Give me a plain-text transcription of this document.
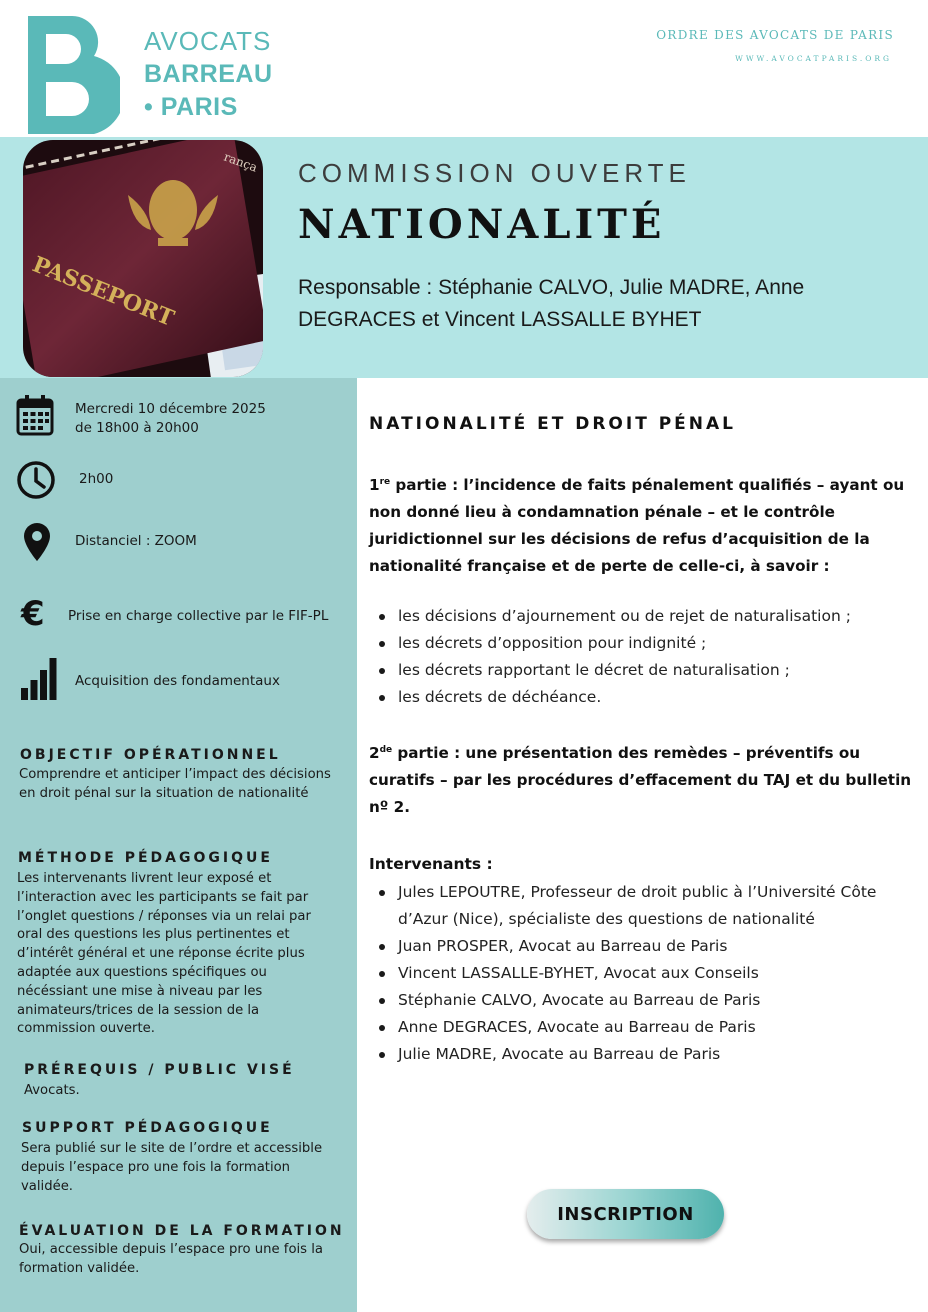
AVOCATS
BARREAU
• PARIS
ORDRE DES AVOCATS DE PARIS
WWW.AVOCATPARIS.ORG
PASSEPORT
rança COMMISSION OUVERTE
NATIONALITÉ
Responsable : Stéphanie CALVO, Julie MADRE, Anne DEGRACES et Vincent LASSALLE BYHET
Mercredi 10 décembre 2025
de 18h00 à 20h00
2h00
Distanciel : ZOOM
€ Prise en charge collective par le FIF-PL
Acquisition des fondamentaux
OBJECTIF OPÉRATIONNEL
Comprendre et anticiper l’impact des décisions en droit pénal sur la situation de nationalité
MÉTHODE PÉDAGOGIQUE
Les intervenants livrent leur exposé et l’interaction avec les participants se fait par l’onglet questions / réponses via un relai par oral des questions les plus pertinentes et d’intérêt général et une réponse écrite plus adaptée aux questions spécifiques ou nécéssiant une mise à niveau par les animateurs/trices de la session de la commission ouverte.
PRÉREQUIS / PUBLIC VISÉ
Avocats.
SUPPORT PÉDAGOGIQUE
Sera publié sur le site de l’ordre et accessible depuis l’espace pro une fois la formation validée.
ÉVALUATION DE LA FORMATION
Oui, accessible depuis l’espace pro une fois la formation validée.
NATIONALITÉ ET DROIT PÉNAL
1re partie : l’incidence de faits pénalement qualifiés – ayant ou non donné lieu à condamnation pénale – et le contrôle juridictionnel sur les décisions de refus d’acquisition de la nationalité française et de perte de celle-ci, à savoir :
les décisions d’ajournement ou de rejet de naturalisation ;
les décrets d’opposition pour indignité ;
les décrets rapportant le décret de naturalisation ;
les décrets de déchéance.
2de partie : une présentation des remèdes – préventifs ou curatifs – par les procédures d’effacement du TAJ et du bulletin nº 2.
Intervenants :
Jules LEPOUTRE, Professeur de droit public à l’Université Côte d’Azur (Nice), spécialiste des questions de nationalité
Juan PROSPER, Avocat au Barreau de Paris
Vincent LASSALLE-BYHET, Avocat aux Conseils
Stéphanie CALVO, Avocate au Barreau de Paris
Anne DEGRACES, Avocate au Barreau de Paris
Julie MADRE, Avocate au Barreau de Paris
INSCRIPTION
